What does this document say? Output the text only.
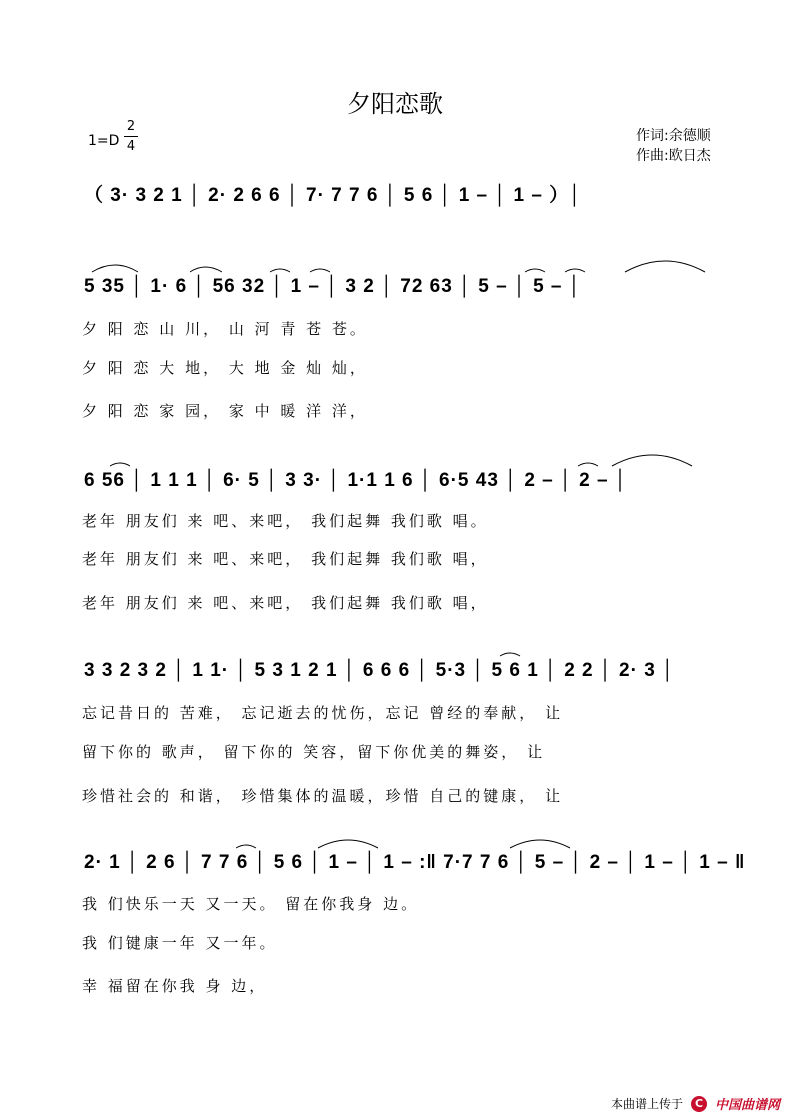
夕阳恋歌
1=D
2
4
作词:余德顺
作曲:欧日杰
（ 3· 3 2 1 │ 2· 2 6 6 │ 7· 7 7 6 │ 5 6 │ 1 – │ 1 – ）│
5 35 │ 1· 6 │ 56 32 │ 1 – │ 3 2 │ 72 63 │ 5 – │ 5 – │
夕 阳 恋 山 川， 山 河 青 苍 苍。
夕 阳 恋 大 地， 大 地 金 灿 灿，
夕 阳 恋 家 园， 家 中 暖 洋 洋，
6 56 │ 1 1 1 │ 6· 5 │ 3 3· │ 1·1 1 6 │ 6·5 43 │ 2 – │ 2 – │
老年 朋友们 来 吧、来吧， 我们起舞 我们歌 唱。
老年 朋友们 来 吧、来吧， 我们起舞 我们歌 唱，
老年 朋友们 来 吧、来吧， 我们起舞 我们歌 唱，
3 3 2 3 2 │ 1 1· │ 5 3 1 2 1 │ 6 6 6 │ 5·3 │ 5 6 1 │ 2 2 │ 2· 3 │
忘记昔日的 苦难， 忘记逝去的忧伤，忘记 曾经的奉献， 让
留下你的 歌声， 留下你的 笑容，留下你优美的舞姿， 让
珍惜社会的 和谐， 珍惜集体的温暖，珍惜 自己的键康， 让
2· 1 │ 2 6 │ 7 7 6 │ 5 6 │ 1 – │ 1 – :‖ 7·7 7 6 │ 5 – │ 2 – │ 1 – │ 1 – ‖
我 们快乐一天 又一天。 留在你我身 边。
我 们键康一年 又一年。
幸 福留在你我 身 边，
本曲谱上传于	C 中国曲谱网
